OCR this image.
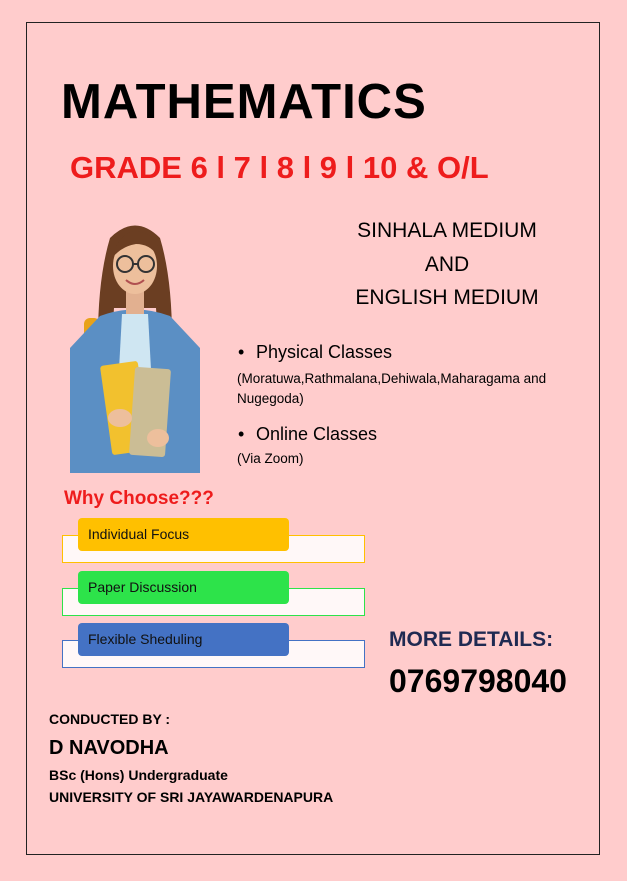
MATHEMATICS
GRADE 6 l 7 l 8 l 9 l 10 & O/L
SINHALA MEDIUM
AND
ENGLISH MEDIUM
• Physical Classes
(Moratuwa,Rathmalana,Dehiwala,Maharagama and Nugegoda)
• Online Classes
(Via Zoom)
Why Choose???
Individual Focus
Paper Discussion
Flexible Sheduling	MORE DETAILS:
0769798040
CONDUCTED BY :
D NAVODHA
BSc (Hons) Undergraduate
UNIVERSITY OF SRI JAYAWARDENAPURA
